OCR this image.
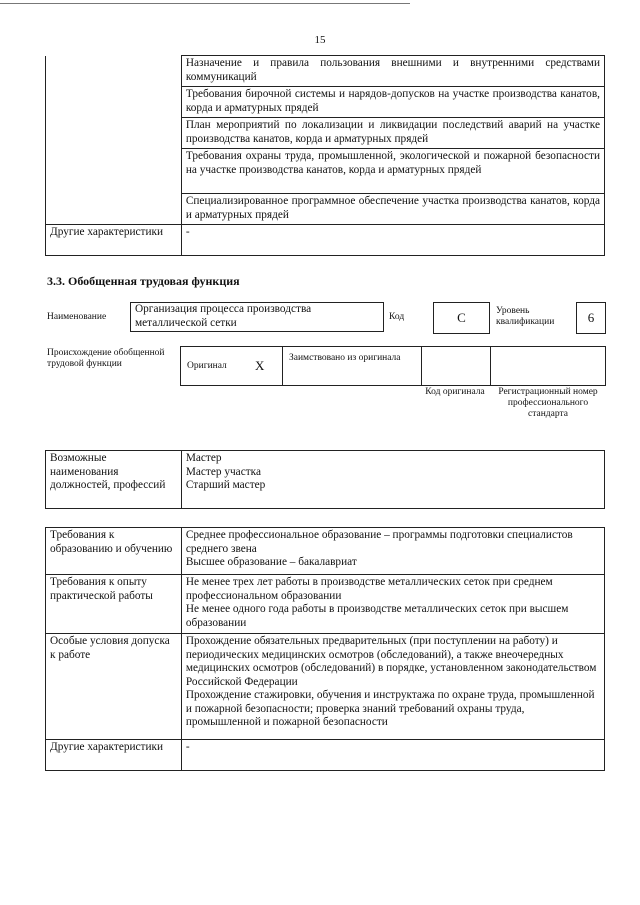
15
	Назначение и правила пользования внешними и внутренними средствами коммуникаций
	Требования бирочной системы и нарядов-допусков на участке производства канатов, корда и арматурных прядей
	План мероприятий по локализации и ликвидации последствий аварий на участке производства канатов, корда и арматурных прядей
	Требования охраны труда, промышленной, экологической и пожарной безопасности на участке производства канатов, корда и арматурных прядей
	Специализированное программное обеспечение участка производства канатов, корда и арматурных прядей
Другие характеристики	-
3.3. Обобщенная трудовая функция
Наименование
Организация процесса производства металлической сетки	Код	C	Уровень квалификации	6
Происхождение обобщенной трудовой функции	Оригинал X	Заимствовано из оригинала
Код оригинала	Регистрационный номер профессионального стандарта
Возможные наименования должностей, профессий	
Мастер
Мастер участка
Старший мастер
Требования к образованию и обучению	Среднее профессиональное образование – программы подготовки специалистов среднего звена
Высшее образование – бакалавриат

Требования к опыту практической работы	Не менее трех лет работы в производстве металлических сеток при среднем профессиональном образовании
Не менее одного года работы в производстве металлических сеток при высшем образовании

Особые условия допуска к работе	Прохождение обязательных предварительных (при поступлении на работу) и периодических медицинских осмотров (обследований), а также внеочередных медицинских осмотров (обследований) в порядке, установленном законодательством Российской Федерации
Прохождение стажировки, обучения и инструктажа по охране труда, промышленной и пожарной безопасности; проверка знаний требований охраны труда, промышленной и пожарной безопасности

Другие характеристики	-
